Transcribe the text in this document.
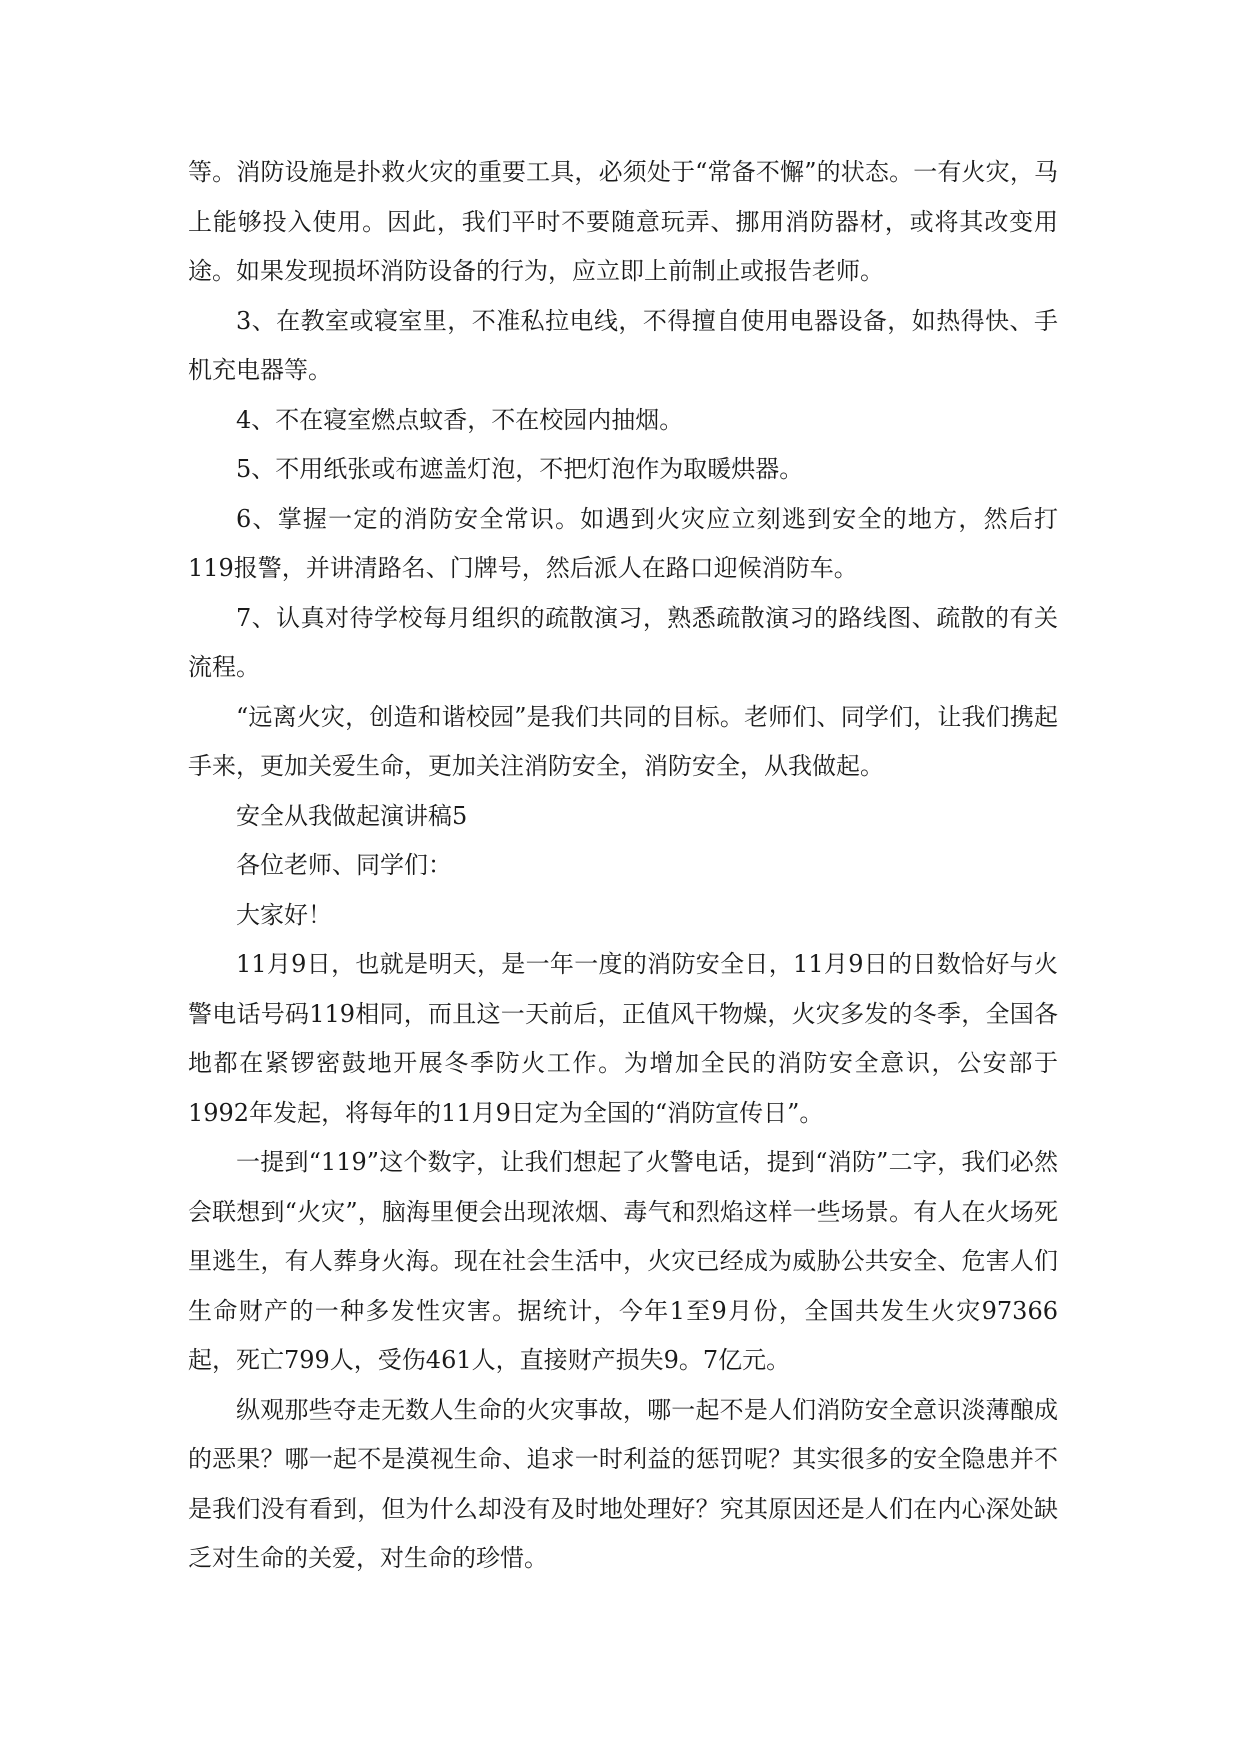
等。消防设施是扑救火灾的重要工具，必须处于“常备不懈”的状态。一有火灾，马上能够投入使用。因此，我们平时不要随意玩弄、挪用消防器材，或将其改变用途。如果发现损坏消防设备的行为，应立即上前制止或报告老师。

3、在教室或寝室里，不准私拉电线，不得擅自使用电器设备，如热得快、手机充电器等。

4、不在寝室燃点蚊香，不在校园内抽烟。

5、不用纸张或布遮盖灯泡，不把灯泡作为取暖烘器。

6、掌握一定的消防安全常识。如遇到火灾应立刻逃到安全的地方，然后打119报警，并讲清路名、门牌号，然后派人在路口迎候消防车。

7、认真对待学校每月组织的疏散演习，熟悉疏散演习的路线图、疏散的有关流程。

“远离火灾，创造和谐校园”是我们共同的目标。老师们、同学们，让我们携起手来，更加关爱生命，更加关注消防安全，消防安全，从我做起。

安全从我做起演讲稿5

各位老师、同学们：

大家好！

11月9日，也就是明天，是一年一度的消防安全日，11月9日的日数恰好与火警电话号码119相同，而且这一天前后，正值风干物燥，火灾多发的冬季，全国各地都在紧锣密鼓地开展冬季防火工作。为增加全民的消防安全意识，公安部于1992年发起，将每年的11月9日定为全国的“消防宣传日”。

一提到“119”这个数字，让我们想起了火警电话，提到“消防”二字，我们必然会联想到“火灾”，脑海里便会出现浓烟、毒气和烈焰这样一些场景。有人在火场死里逃生，有人葬身火海。现在社会生活中，火灾已经成为威胁公共安全、危害人们生命财产的一种多发性灾害。据统计，今年1至9月份，全国共发生火灾97366起，死亡799人，受伤461人，直接财产损失9。7亿元。

纵观那些夺走无数人生命的火灾事故，哪一起不是人们消防安全意识淡薄酿成的恶果？哪一起不是漠视生命、追求一时利益的惩罚呢？其实很多的安全隐患并不是我们没有看到，但为什么却没有及时地处理好？究其原因还是人们在内心深处缺乏对生命的关爱，对生命的珍惜。
